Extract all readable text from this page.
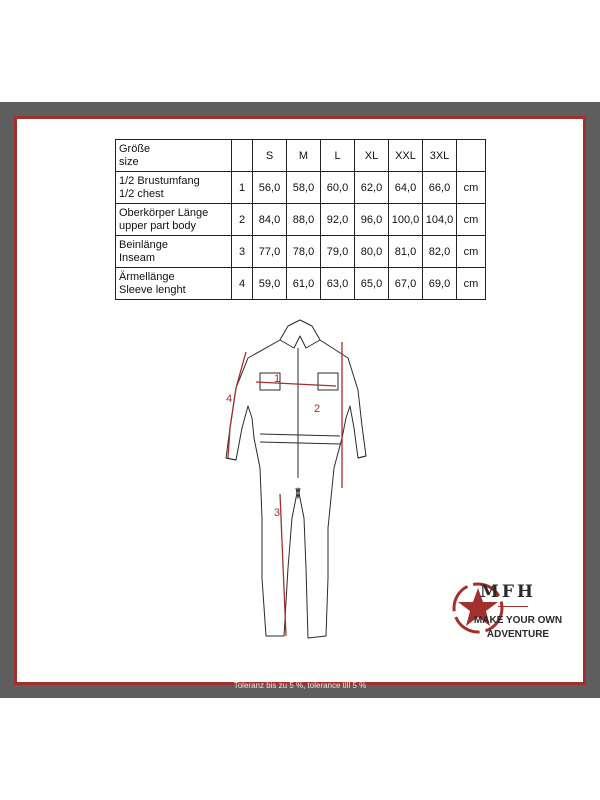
Größe
size		S	M	L	XL	XXL	3XL	

1/2 Brustumfang
1/2 chest	1	56,0	58,0	60,0	62,0	64,0	66,0	cm

Oberkörper Länge
upper part body	2	84,0	88,0	92,0	96,0	100,0	104,0	cm

Beinlänge
Inseam	3	77,0	78,0	79,0	80,0	81,0	82,0	cm

Ärmellänge
Sleeve lenght	4	59,0	61,0	63,0	65,0	67,0	69,0	cm
1
2
3
4
MFH
MAKE YOUR OWN
ADVENTURE
Toleranz bis zu 5 %, tolerance till 5 %
